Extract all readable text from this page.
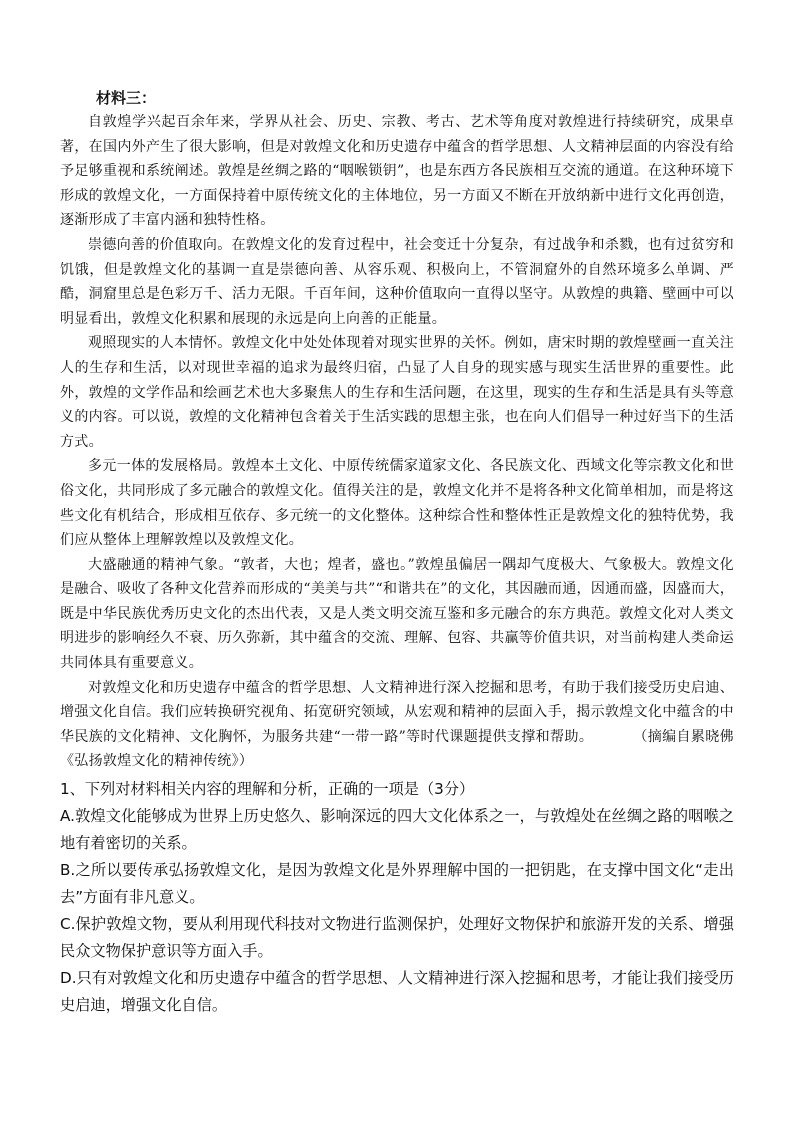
材料三：

自敦煌学兴起百余年来，学界从社会、历史、宗教、考古、艺术等角度对敦煌进行持续研究，成果卓著，在国内外产生了很大影响，但是对敦煌文化和历史遗存中蕴含的哲学思想、人文精神层面的内容没有给予足够重视和系统阐述。敦煌是丝绸之路的“咽喉锁钥”，也是东西方各民族相互交流的通道。在这种环境下形成的敦煌文化，一方面保持着中原传统文化的主体地位，另一方面又不断在开放纳新中进行文化再创造，逐渐形成了丰富内涵和独特性格。

崇德向善的价值取向。在敦煌文化的发育过程中，社会变迁十分复杂，有过战争和杀戮，也有过贫穷和饥饿，但是敦煌文化的基调一直是崇德向善、从容乐观、积极向上，不管洞窟外的自然环境多么单调、严酷，洞窟里总是色彩万千、活力无限。千百年间，这种价值取向一直得以坚守。从敦煌的典籍、壁画中可以明显看出，敦煌文化积累和展现的永远是向上向善的正能量。

观照现实的人本情怀。敦煌文化中处处体现着对现实世界的关怀。例如，唐宋时期的敦煌壁画一直关注人的生存和生活，以对现世幸福的追求为最终归宿，凸显了人自身的现实感与现实生活世界的重要性。此外，敦煌的文学作品和绘画艺术也大多聚焦人的生存和生活问题，在这里，现实的生存和生活是具有头等意义的内容。可以说，敦煌的文化精神包含着关于生活实践的思想主张，也在向人们倡导一种过好当下的生活方式。

多元一体的发展格局。敦煌本土文化、中原传统儒家道家文化、各民族文化、西域文化等宗教文化和世俗文化，共同形成了多元融合的敦煌文化。值得关注的是，敦煌文化并不是将各种文化简单相加，而是将这些文化有机结合，形成相互依存、多元统一的文化整体。这种综合性和整体性正是敦煌文化的独特优势，我们应从整体上理解敦煌以及敦煌文化。

大盛融通的精神气象。“敦者，大也；煌者，盛也。”敦煌虽偏居一隅却气度极大、气象极大。敦煌文化是融合、吸收了各种文化营养而形成的“美美与共”“和谐共在”的文化，其因融而通，因通而盛，因盛而大，既是中华民族优秀历史文化的杰出代表，又是人类文明交流互鉴和多元融合的东方典范。敦煌文化对人类文明进步的影响经久不衰、历久弥新，其中蕴含的交流、理解、包容、共赢等价值共识，对当前构建人类命运共同体具有重要意义。

对敦煌文化和历史遗存中蕴含的哲学思想、人文精神进行深入挖掘和思考，有助于我们接受历史启迪、增强文化自信。我们应转换研究视角、拓宽研究领域，从宏观和精神的层面入手，揭示敦煌文化中蕴含的中华民族的文化精神、文化胸怀，为服务共建“一带一路”等时代课题提供支撑和帮助。	（摘编自累晓佛《弘扬敦煌文化的精神传统》）

1、下列对材料相关内容的理解和分析，正确的一项是（3分）

A.敦煌文化能够成为世界上历史悠久、影响深远的四大文化体系之一，与敦煌处在丝绸之路的咽喉之地有着密切的关系。

B.之所以要传承弘扬敦煌文化，是因为敦煌文化是外界理解中国的一把钥匙，在支撑中国文化“走出去”方面有非凡意义。

C.保护敦煌文物，要从利用现代科技对文物进行监测保护，处理好文物保护和旅游开发的关系、增强民众文物保护意识等方面入手。

D.只有对敦煌文化和历史遗存中蕴含的哲学思想、人文精神进行深入挖掘和思考，才能让我们接受历史启迪，增强文化自信。
